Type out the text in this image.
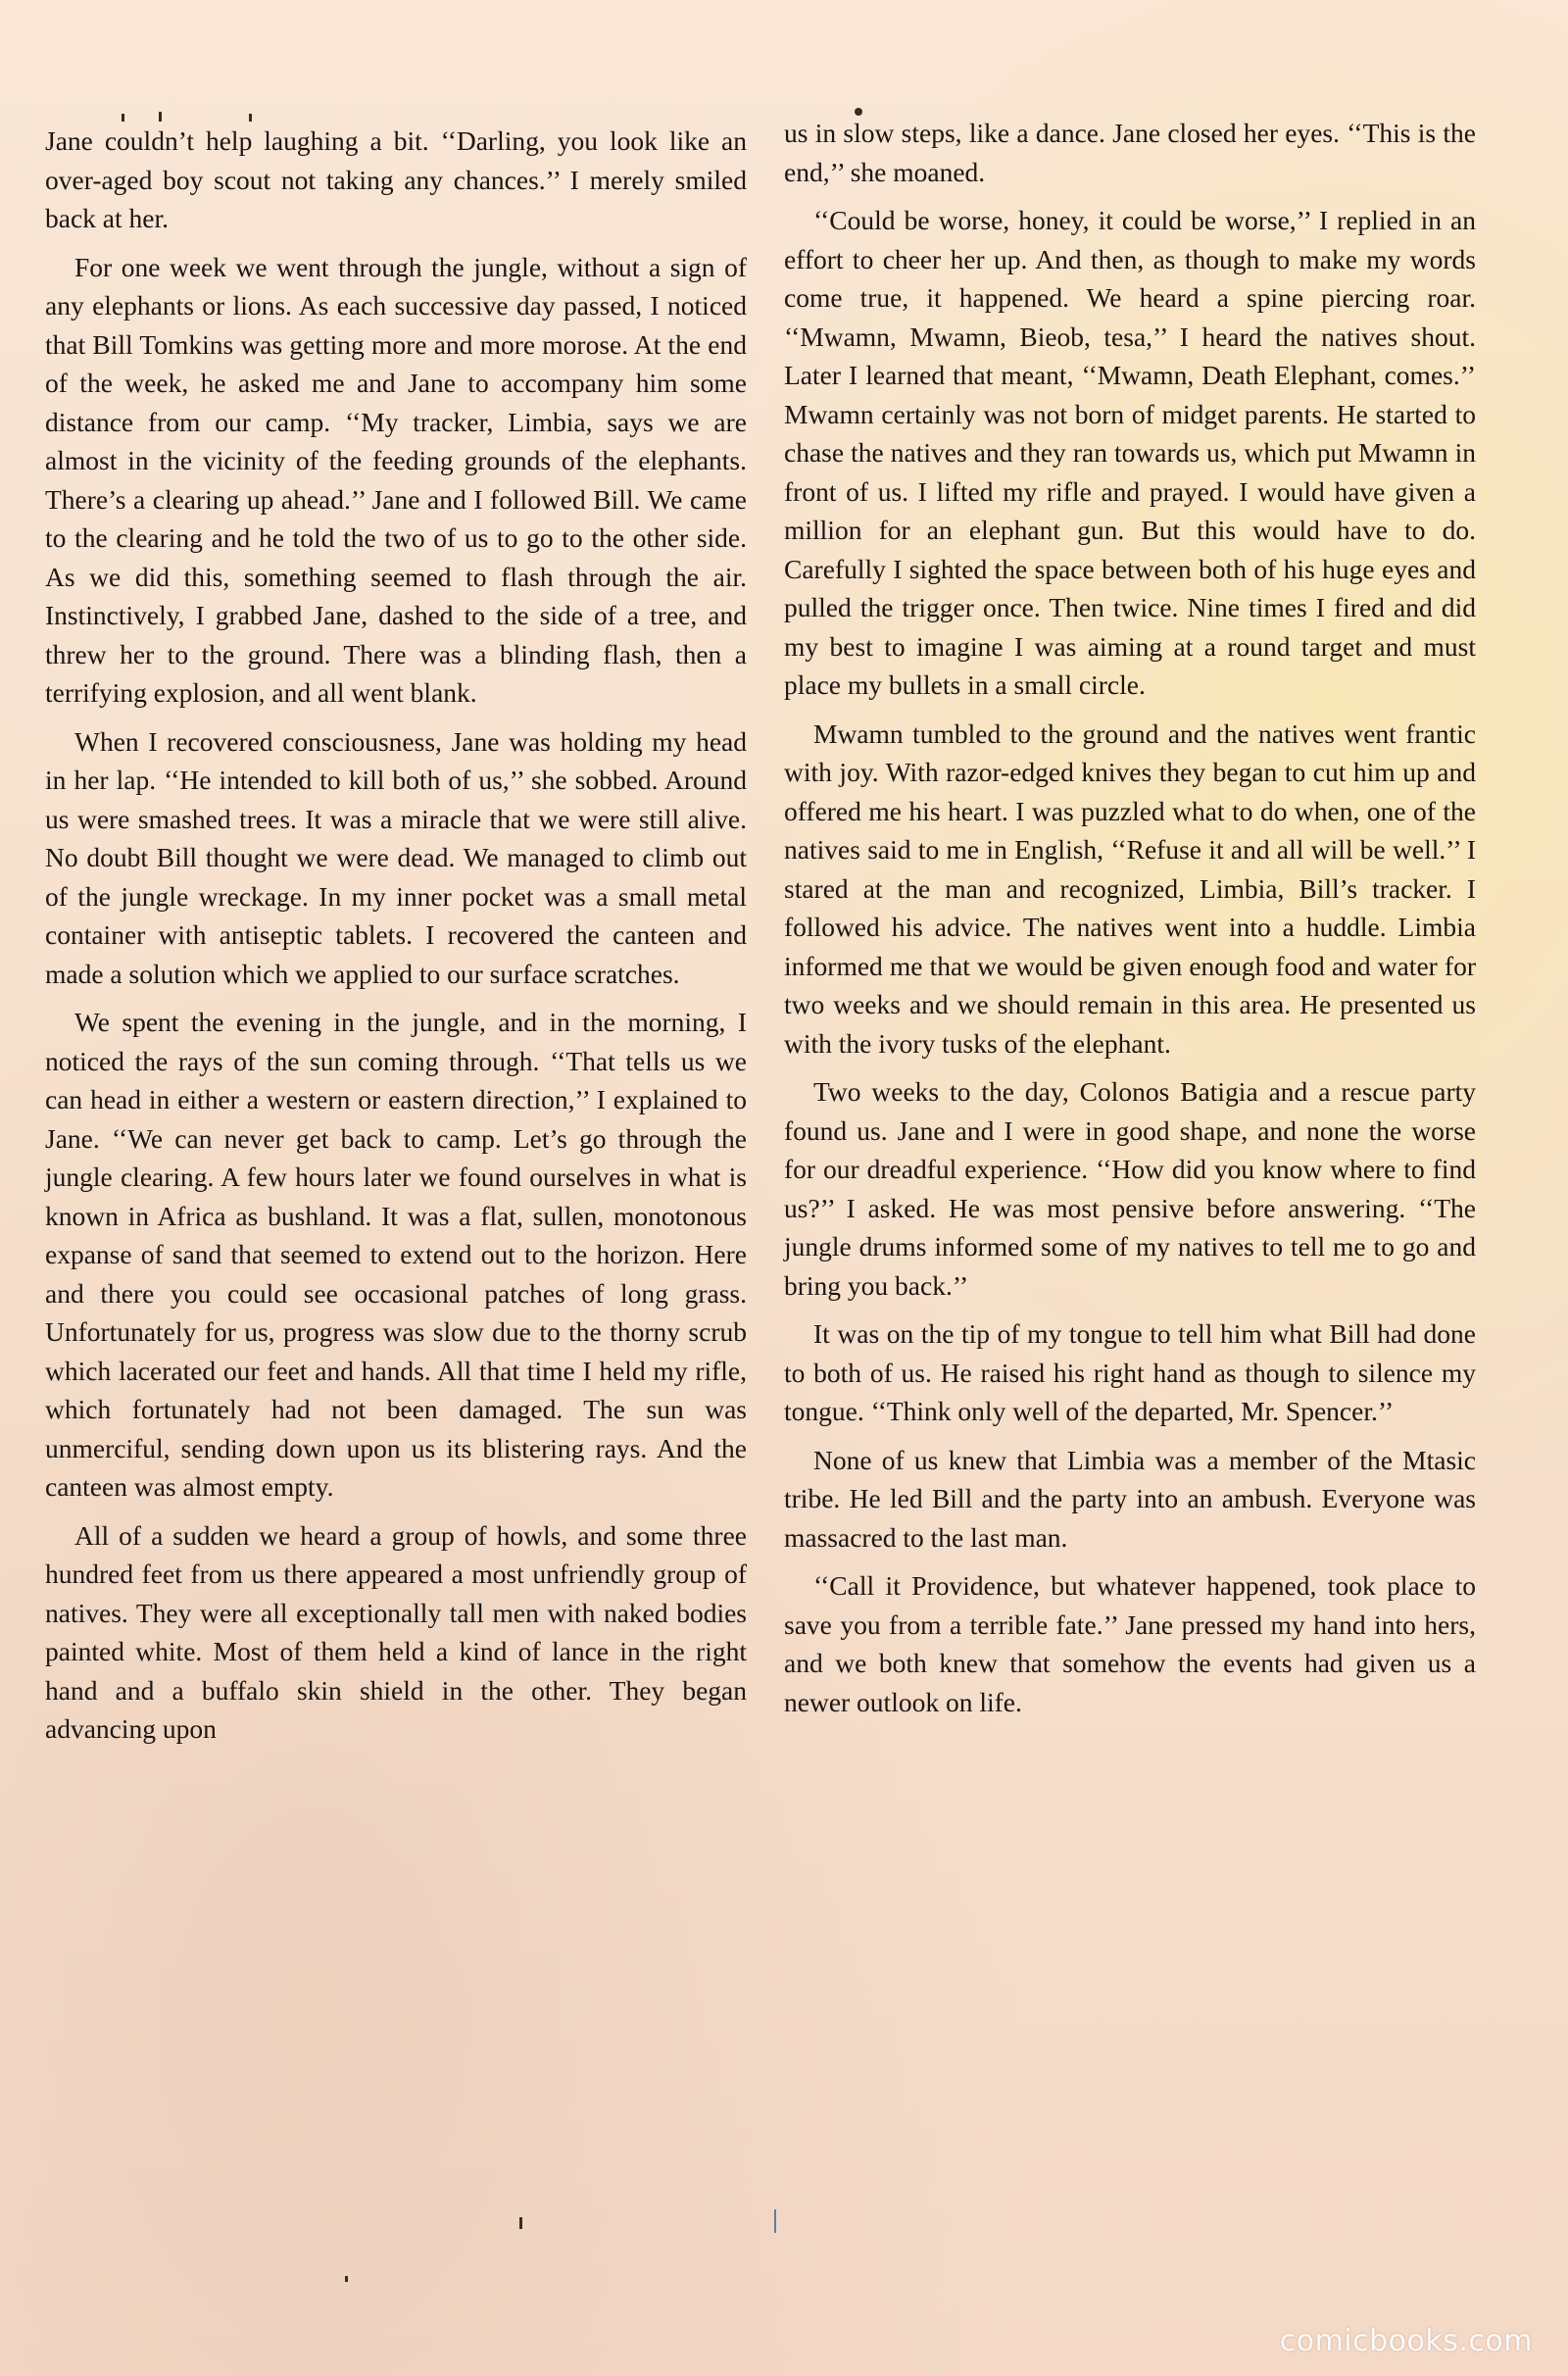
Jane couldn’t help laughing a bit. ‘‘Darling, you look like an over-aged boy scout not taking any chances.’’ I merely smiled back at her.

For one week we went through the jungle, without a sign of any elephants or lions. As each successive day passed, I noticed that Bill Tomkins was getting more and more morose. At the end of the week, he asked me and Jane to accompany him some distance from our camp. ‘‘My tracker, Limbia, says we are almost in the vicinity of the feeding grounds of the elephants. There’s a clearing up ahead.’’ Jane and I followed Bill. We came to the clearing and he told the two of us to go to the other side. As we did this, something seemed to flash through the air. Instinctively, I grabbed Jane, dashed to the side of a tree, and threw her to the ground. There was a blinding flash, then a terrifying explosion, and all went blank.

When I recovered consciousness, Jane was holding my head in her lap. ‘‘He intended to kill both of us,’’ she sobbed. Around us were smashed trees. It was a miracle that we were still alive. No doubt Bill thought we were dead. We managed to climb out of the jungle wreckage. In my inner pocket was a small metal container with antiseptic tablets. I recovered the canteen and made a solution which we applied to our surface scratches.

We spent the evening in the jungle, and in the morning, I noticed the rays of the sun coming through. ‘‘That tells us we can head in either a western or eastern direction,’’ I explained to Jane. ‘‘We can never get back to camp. Let’s go through the jungle clearing. A few hours later we found ourselves in what is known in Africa as bushland. It was a flat, sullen, monotonous expanse of sand that seemed to extend out to the horizon. Here and there you could see occasional patches of long grass. Unfortunately for us, progress was slow due to the thorny scrub which lacerated our feet and hands. All that time I held my rifle, which fortunately had not been damaged. The sun was unmerciful, sending down upon us its blistering rays. And the canteen was almost empty.

All of a sudden we heard a group of howls, and some three hundred feet from us there appeared a most unfriendly group of natives. They were all exceptionally tall men with naked bodies painted white. Most of them held a kind of lance in the right hand and a buffalo skin shield in the other. They began advancing upon

us in slow steps, like a dance. Jane closed her eyes. ‘‘This is the end,’’ she moaned.

‘‘Could be worse, honey, it could be worse,’’ I replied in an effort to cheer her up. And then, as though to make my words come true, it happened. We heard a spine piercing roar. ‘‘Mwamn, Mwamn, Bieob, tesa,’’ I heard the natives shout. Later I learned that meant, ‘‘Mwamn, Death Elephant, comes.’’ Mwamn certainly was not born of midget parents. He started to chase the natives and they ran towards us, which put Mwamn in front of us. I lifted my rifle and prayed. I would have given a million for an elephant gun. But this would have to do. Carefully I sighted the space between both of his huge eyes and pulled the trigger once. Then twice. Nine times I fired and did my best to imagine I was aiming at a round target and must place my bullets in a small circle.

Mwamn tumbled to the ground and the natives went frantic with joy. With razor-edged knives they began to cut him up and offered me his heart. I was puzzled what to do when, one of the natives said to me in English, ‘‘Refuse it and all will be well.’’ I stared at the man and recognized, Limbia, Bill’s tracker. I followed his advice. The natives went into a huddle. Limbia informed me that we would be given enough food and water for two weeks and we should remain in this area. He presented us with the ivory tusks of the elephant.

Two weeks to the day, Colonos Batigia and a rescue party found us. Jane and I were in good shape, and none the worse for our dreadful experience. ‘‘How did you know where to find us?’’ I asked. He was most pensive before answering. ‘‘The jungle drums informed some of my natives to tell me to go and bring you back.’’

It was on the tip of my tongue to tell him what Bill had done to both of us. He raised his right hand as though to silence my tongue. ‘‘Think only well of the departed, Mr. Spencer.’’

None of us knew that Limbia was a member of the Mtasic tribe. He led Bill and the party into an ambush. Everyone was massacred to the last man.

‘‘Call it Providence, but whatever happened, took place to save you from a terrible fate.’’ Jane pressed my hand into hers, and we both knew that somehow the events had given us a newer outlook on life.

comicbooks.com
